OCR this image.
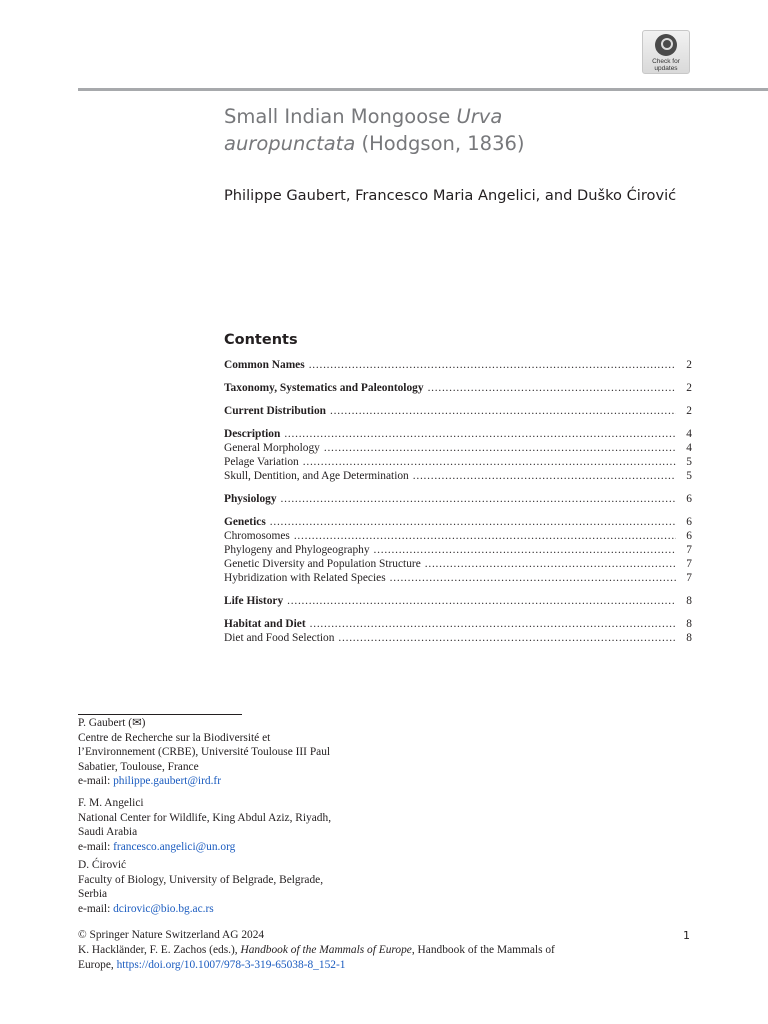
Check for
updates
Small Indian Mongoose Urva
auropunctata (Hodgson, 1836)

Philippe Gaubert, Francesco Maria Angelici, and Duško Ćirović

Contents
Common Names . . .	2
Taxonomy, Systematics and Paleontology . . .	2
Current Distribution . . .	2
Description . . .	4
General Morphology . . .	4
Pelage Variation . . .	5
Skull, Dentition, and Age Determination . . .	5
Physiology . . .	6
Genetics . . .	6
Chromosomes . . .	6
Phylogeny and Phylogeography . . .	7
Genetic Diversity and Population Structure . . .	7
Hybridization with Related Species . . .	7
Life History . . .	8
Habitat and Diet . . .	8
Diet and Food Selection . . .	8
P. Gaubert (✉)
Centre de Recherche sur la Biodiversité et
l’Environnement (CRBE), Université Toulouse III Paul
Sabatier, Toulouse, France
e-mail: philippe.gaubert@ird.fr
F. M. Angelici
National Center for Wildlife, King Abdul Aziz, Riyadh,
Saudi Arabia
e-mail: francesco.angelici@un.org
D. Ćirović
Faculty of Biology, University of Belgrade, Belgrade,
Serbia
e-mail: dcirovic@bio.bg.ac.rs
© Springer Nature Switzerland AG 2024
K. Hackländer, F. E. Zachos (eds.), Handbook of the Mammals of Europe, Handbook of the Mammals of
Europe, https://doi.org/10.1007/978-3-319-65038-8_152-1
1
